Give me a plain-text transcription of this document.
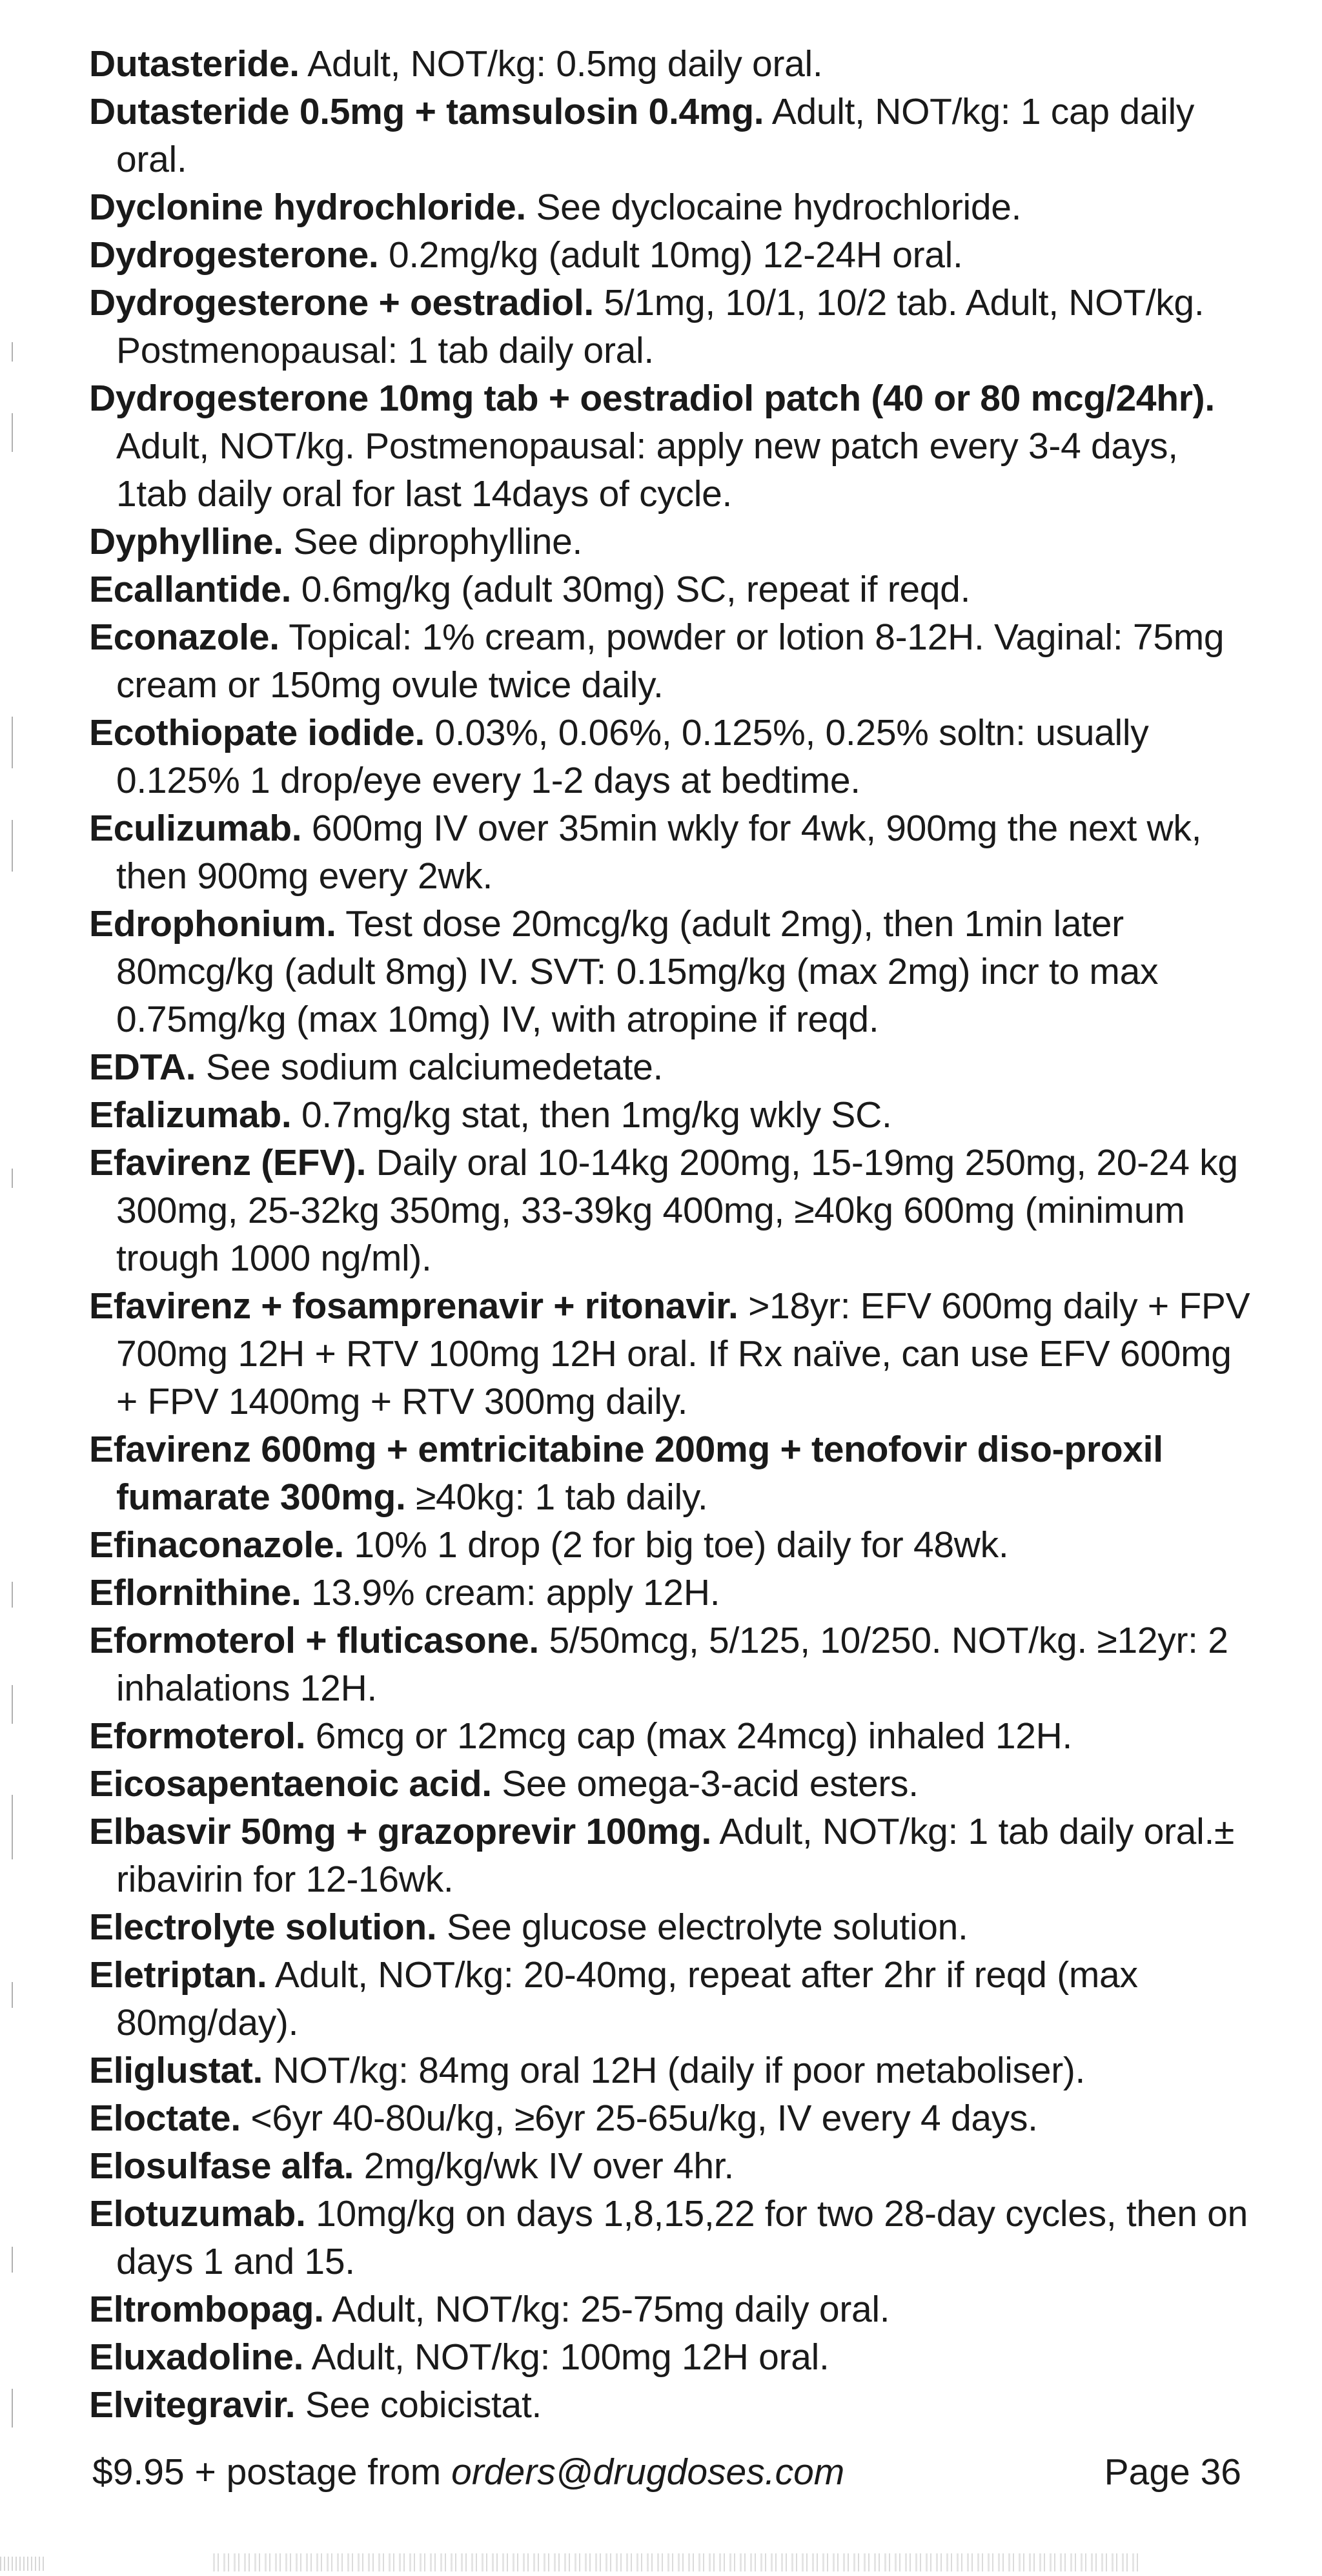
Dutasteride. Adult, NOT/kg: 0.5mg daily oral.
Dutasteride 0.5mg + tamsulosin 0.4mg. Adult, NOT/kg: 1 cap daily oral.
Dyclonine hydrochloride. See dyclocaine hydrochloride.
Dydrogesterone. 0.2mg/kg (adult 10mg) 12-24H oral.
Dydrogesterone + oestradiol. 5/1mg, 10/1, 10/2 tab. Adult, NOT/kg. Postmenopausal: 1 tab daily oral.
Dydrogesterone 10mg tab + oestradiol patch (40 or 80 mcg/24hr). Adult, NOT/kg. Postmenopausal: apply new patch every 3-4 days, 1tab daily oral for last 14days of cycle.
Dyphylline. See diprophylline.
Ecallantide. 0.6mg/kg (adult 30mg) SC, repeat if reqd.
Econazole. Topical: 1% cream, powder or lotion 8-12H. Vaginal: 75mg cream or 150mg ovule twice daily.
Ecothiopate iodide. 0.03%, 0.06%, 0.125%, 0.25% soltn: usually 0.125% 1 drop/eye every 1-2 days at bedtime.
Eculizumab. 600mg IV over 35min wkly for 4wk, 900mg the next wk, then 900mg every 2wk.
Edrophonium. Test dose 20mcg/kg (adult 2mg), then 1min later 80mcg/kg (adult 8mg) IV. SVT: 0.15mg/kg (max 2mg) incr to max 0.75mg/kg (max 10mg) IV, with atropine if reqd.
EDTA. See sodium calciumedetate.
Efalizumab. 0.7mg/kg stat, then 1mg/kg wkly SC.
Efavirenz (EFV). Daily oral 10-14kg 200mg, 15-19mg 250mg, 20-24 kg 300mg, 25-32kg 350mg, 33-39kg 400mg, ≥40kg 600mg (minimum trough 1000 ng/ml).
Efavirenz + fosamprenavir + ritonavir. >18yr: EFV 600mg daily + FPV 700mg 12H + RTV 100mg 12H oral. If Rx naïve, can use EFV 600mg + FPV 1400mg + RTV 300mg daily.
Efavirenz 600mg + emtricitabine 200mg + tenofovir diso-proxil fumarate 300mg. ≥40kg: 1 tab daily.
Efinaconazole. 10% 1 drop (2 for big toe) daily for 48wk.
Eflornithine. 13.9% cream: apply 12H.
Eformoterol + fluticasone. 5/50mcg, 5/125, 10/250. NOT/kg. ≥12yr: 2 inhalations 12H.
Eformoterol. 6mcg or 12mcg cap (max 24mcg) inhaled 12H.
Eicosapentaenoic acid. See omega-3-acid esters.
Elbasvir 50mg + grazoprevir 100mg. Adult, NOT/kg: 1 tab daily oral.± ribavirin for 12-16wk.
Electrolyte solution. See glucose electrolyte solution.
Eletriptan. Adult, NOT/kg: 20-40mg, repeat after 2hr if reqd (max 80mg/day).
Eliglustat. NOT/kg: 84mg oral 12H (daily if poor metaboliser).
Eloctate. <6yr 40-80u/kg, ≥6yr 25-65u/kg, IV every 4 days.
Elosulfase alfa. 2mg/kg/wk IV over 4hr.
Elotuzumab. 10mg/kg on days 1,8,15,22 for two 28-day cycles, then on days 1 and 15.
Eltrombopag. Adult, NOT/kg: 25-75mg daily oral.
Eluxadoline. Adult, NOT/kg: 100mg 12H oral.
Elvitegravir. See cobicistat.
$9.95 + postage from orders@drugdoses.com	Page 36
